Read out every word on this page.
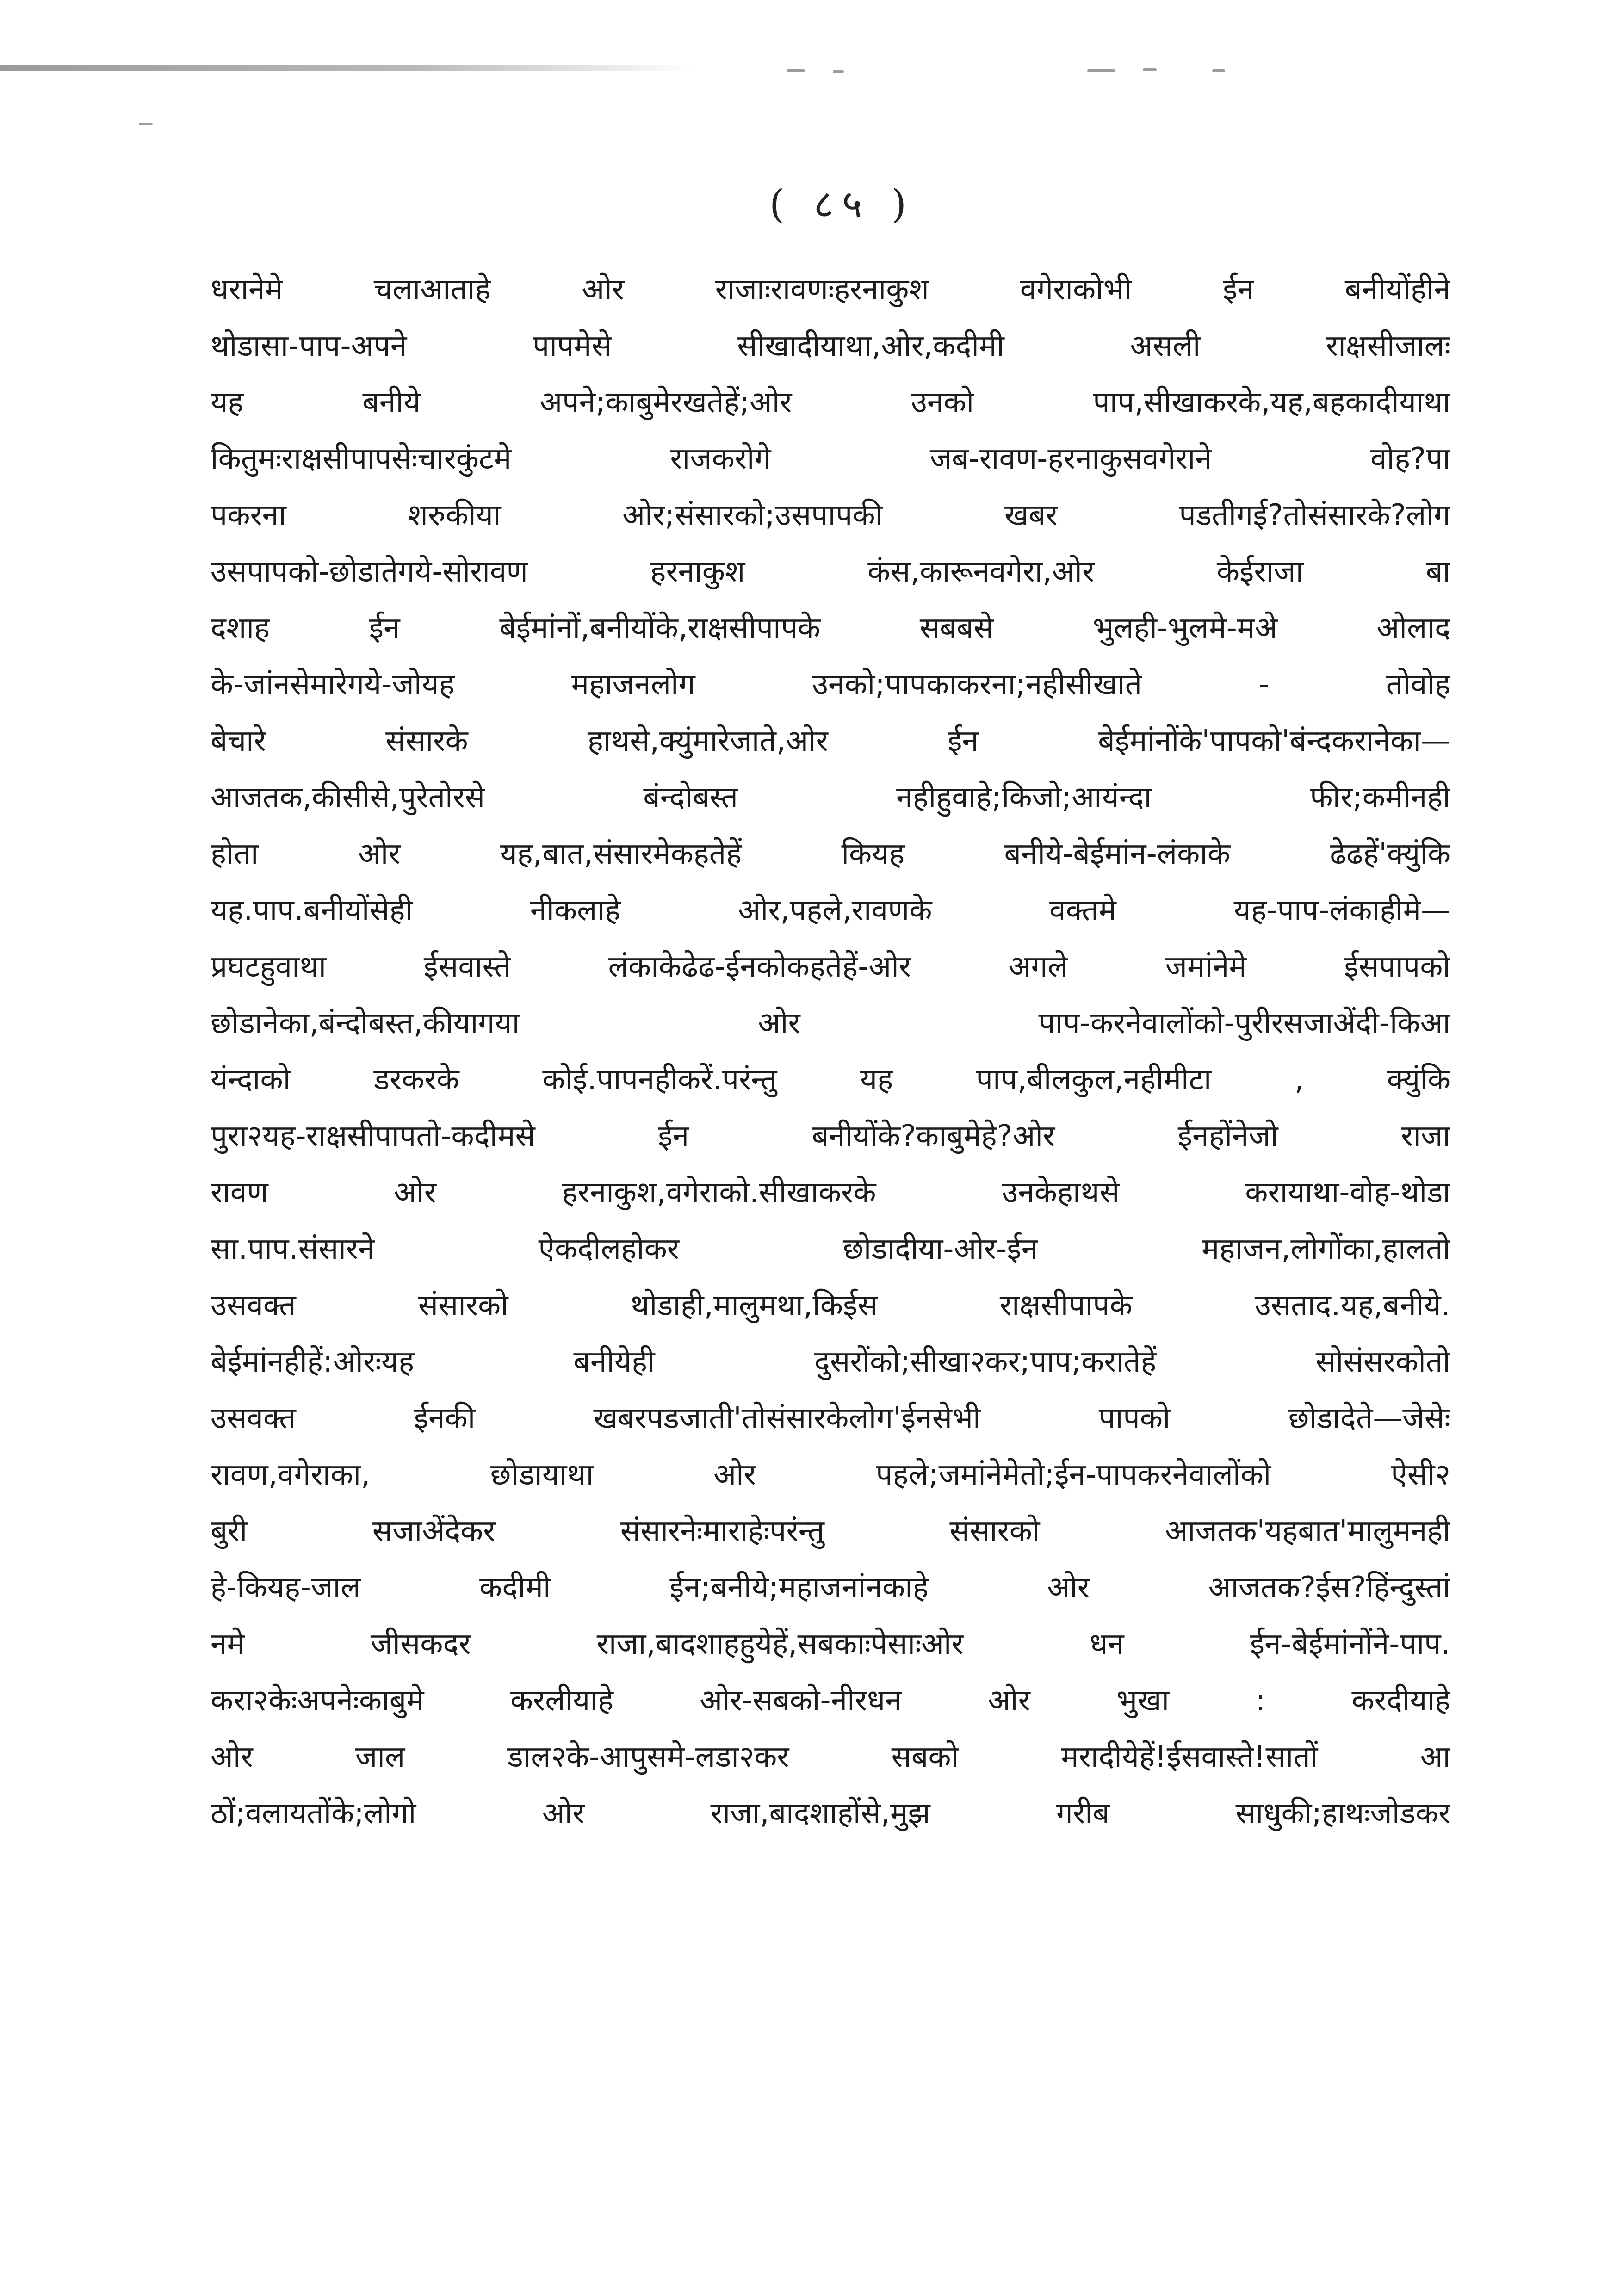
( ८५ )
धरानेमे चलाआताहे ओर राजाःरावणःहरनाकुश वगेराकोभी ईन बनीयोंहीने
थोडासा-पाप-अपने पापमेसे सीखादीयाथा,ओर,कदीमी असली राक्षसीजालः
यह बनीये अपने;काबुमेरखतेहें;ओर उनको पाप,सीखाकरके,यह,बहकादीयाथा
कितुमःराक्षसीपापसेःचारकुंटमे राजकरोगे जब-रावण-हरनाकुसवगेराने वोह?पा
पकरना शरुकीया ओर;संसारको;उसपापकी खबर पडतीगई?तोसंसारके?लोग
उसपापको-छोडातेगये-सोरावण हरनाकुश कंस,कारूनवगेरा,ओर केईराजा बा
दशाह ईन बेईमांनों,बनीयोंके,राक्षसीपापके सबबसे भुलही-भुलमे-मअे ओलाद
के-जांनसेमारेगये-जोयह महाजनलोग उनको;पापकाकरना;नहीसीखाते - तोवोह
बेचारे संसारके हाथसे,क्युंमारेजाते,ओर ईन बेईमांनोंके'पापको'बंन्दकरानेका—
आजतक,कीसीसे,पुरेतोरसे बंन्दोबस्त नहीहुवाहे;किजो;आयंन्दा फीर;कमीनही
होता ओर यह,बात,संसारमेकहतेहें कियह बनीये-बेईमांन-लंकाके ढेढहें'क्युंकि
यह.पाप.बनीयोंसेही नीकलाहे ओर,पहले,रावणके वक्तमे यह-पाप-लंकाहीमे—
प्रघटहुवाथा ईसवास्ते लंकाकेढेढ-ईनकोकहतेहें-ओर अगले जमांनेमे ईसपापको
छोडानेका,बंन्दोबस्त,कीयागया ओर पाप-करनेवालोंको-पुरीरसजाअेंदी-किआ
यंन्दाको डरकरके कोई.पापनहीकरें.परंन्तु यह पाप,बीलकुल,नहीमीटा , क्युंकि
पुरा२यह-राक्षसीपापतो-कदीमसे ईन बनीयोंके?काबुमेहे?ओर ईनहोंनेजो राजा
रावण ओर हरनाकुश,वगेराको.सीखाकरके उनकेहाथसे करायाथा-वोह-थोडा
सा.पाप.संसारने ऐकदीलहोकर छोडादीया-ओर-ईन महाजन,लोगोंका,हालतो
उसवक्त संसारको थोडाही,मालुमथा,किईस राक्षसीपापके उसताद.यह,बनीये.
बेईमांनहीहें:ओरःयह बनीयेही दुसरोंको;सीखा२कर;पाप;करातेहें सोसंसरकोतो
उसवक्त ईनकी खबरपडजाती'तोसंसारकेलोग'ईनसेभी पापको छोडादेते—जेसेः
रावण,वगेराका, छोडायाथा ओर पहले;जमांनेमेतो;ईन-पापकरनेवालोंको ऐसी२
बुरी सजाअेंदेकर संसारनेःमाराहेःपरंन्तु संसारको आजतक'यहबात'मालुमनही
हे-कियह-जाल कदीमी ईन;बनीये;महाजनांनकाहे ओर आजतक?ईस?हिंन्दुस्तां
नमे जीसकदर राजा,बादशाहहुयेहें,सबकाःपेसाःओर धन ईन-बेईमांनोंने-पाप.
करा२केःअपनेःकाबुमे करलीयाहे ओर-सबको-नीरधन ओर भुखा : करदीयाहे
ओर जाल डाल२के-आपुसमे-लडा२कर सबको मरादीयेहें!ईसवास्ते!सातों आ
ठों;वलायतोंके;लोगो ओर राजा,बादशाहोंसे,मुझ गरीब साधुकी;हाथःजोडकर
